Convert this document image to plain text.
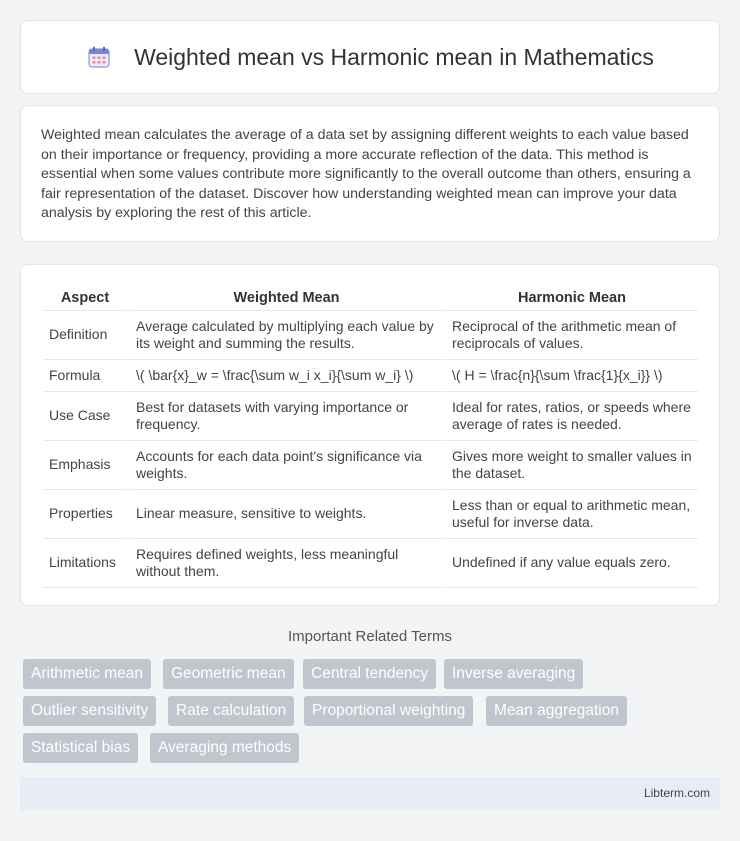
Weighted mean vs Harmonic mean in Mathematics

Weighted mean calculates the average of a data set by assigning different weights to each value based on their importance or frequency, providing a more accurate reflection of the data. This method is essential when some values contribute more significantly to the overall outcome than others, ensuring a fair representation of the dataset. Discover how understanding weighted mean can improve your data analysis by exploring the rest of this article.

Aspect	Weighted Mean	Harmonic Mean
Definition	Average calculated by multiplying each value by its weight and summing the results.	Reciprocal of the arithmetic mean of reciprocals of values.
Formula	\( \bar{x}_w = \frac{\sum w_i x_i}{\sum w_i} \)	\( H = \frac{n}{\sum \frac{1}{x_i}} \)
Use Case	Best for datasets with varying importance or frequency.	Ideal for rates, ratios, or speeds where average of rates is needed.
Emphasis	Accounts for each data point's significance via weights.	Gives more weight to smaller values in the dataset.
Properties	Linear measure, sensitive to weights.	Less than or equal to arithmetic mean, useful for inverse data.
Limitations	Requires defined weights, less meaningful without them.	Undefined if any value equals zero.
Important Related Terms
Arithmetic mean	Geometric mean	Central tendency	Inverse averaging
Outlier sensitivity	Rate calculation	Proportional weighting	Mean aggregation
Statistical bias	Averaging methods
Libterm.com
